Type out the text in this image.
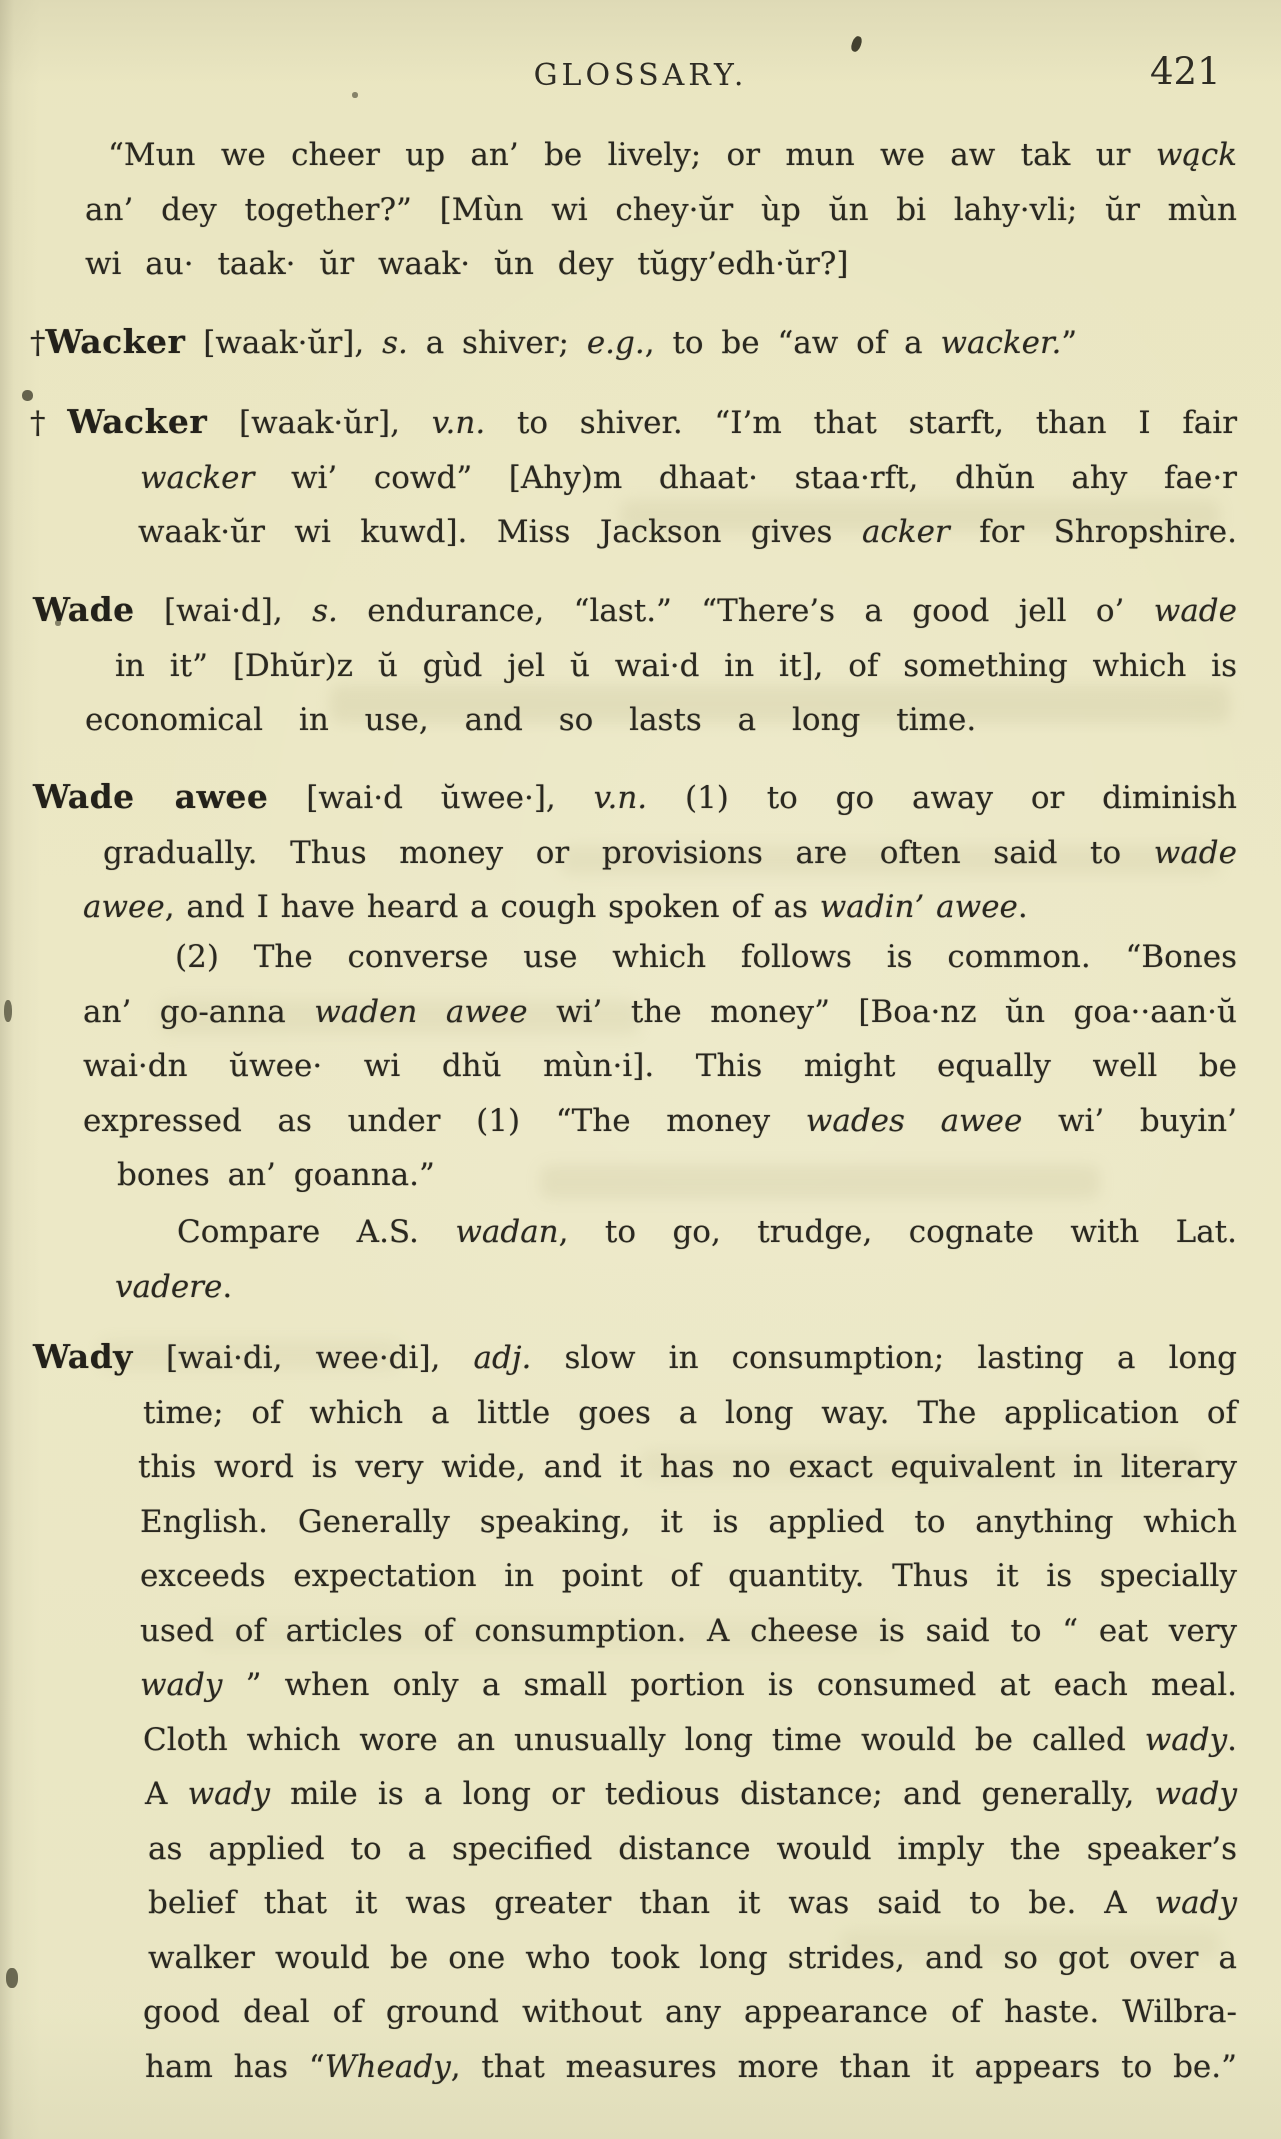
GLOSSARY.	421
“Mun we cheer up an’ be lively; or mun we aw tak ur wąck
an’ dey together?” [Mùn wi chey·ŭr ùp ŭn bi lahy·vli; ŭr mùn
wi au· taak· ŭr waak· ŭn dey tŭgy’edh·ŭr?]
†Wacker [waak·ŭr], s. a shiver; e.g., to be “aw of a wacker.”
†Wacker [waak·ŭr], v.n. to shiver. “I’m that starft, than I fair
wacker wi’ cowd” [Ahy)m dhaat· staa·rft, dhŭn ahy fae·r
waak·ŭr wi kuwd]. Miss Jackson gives acker for Shropshire.
Wade [wai·d], s. endurance, “last.” “There’s a good jell o’ wade
in it” [Dhŭr)z ŭ gùd jel ŭ wai·d in it], of something which is
economical in use, and so lasts a long time.
Wade awee [wai·d ŭwee·], v.n. (1) to go away or diminish
gradually. Thus money or provisions are often said to wade
awee, and I have heard a cough spoken of as wadin’ awee.
(2) The converse use which follows is common. “Bones
an’ go-anna waden awee wi’ the money” [Boa·nz ŭn goa··aan·ŭ
wai·dn ŭwee· wi dhŭ mùn·i]. This might equally well be
expressed as under (1) “The money wades awee wi’ buyin’
bones an’ goanna.”
Compare A.S. wadan, to go, trudge, cognate with Lat.
vadere.
Wady [wai·di, wee·di], adj. slow in consumption; lasting a long
time; of which a little goes a long way. The application of
this word is very wide, and it has no exact equivalent in literary
English. Generally speaking, it is applied to anything which
exceeds expectation in point of quantity. Thus it is specially
used of articles of consumption. A cheese is said to “ eat very
wady ” when only a small portion is consumed at each meal.
Cloth which wore an unusually long time would be called wady.
A wady mile is a long or tedious distance; and generally, wady
as applied to a specified distance would imply the speaker’s
belief that it was greater than it was said to be. A wady
walker would be one who took long strides, and so got over a
good deal of ground without any appearance of haste. Wilbra-
ham has “Wheady, that measures more than it appears to be.”
